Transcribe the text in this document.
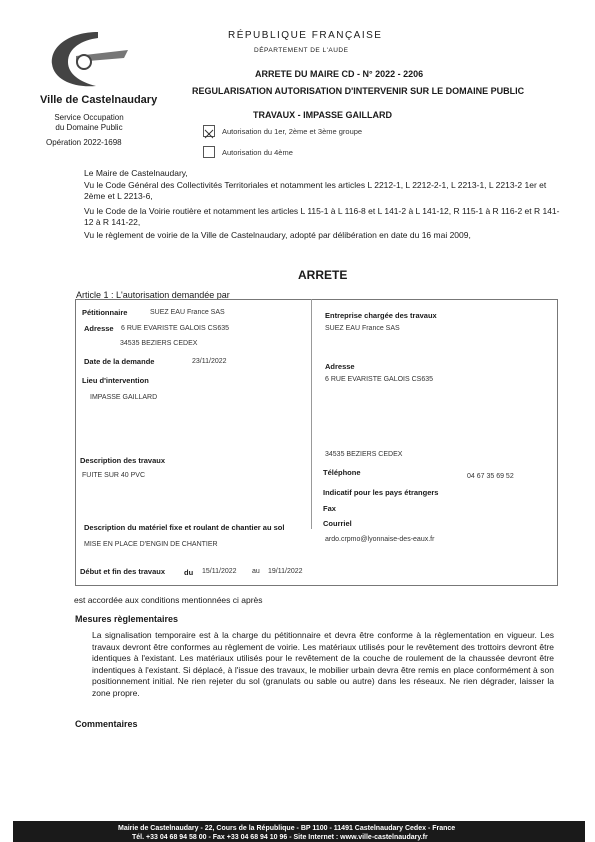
Ville de Castelnaudary
Service Occupation du Domaine Public
Opération 2022-1698
RÉPUBLIQUE FRANÇAISE
DÉPARTEMENT DE L'AUDE
ARRETE DU MAIRE CD - N° 2022 - 2206
REGULARISATION AUTORISATION D'INTERVENIR SUR LE DOMAINE PUBLIC
TRAVAUX - IMPASSE GAILLARD
Autorisation du 1er, 2ème et 3ème groupe
Autorisation du 4ème
Le Maire de Castelnaudary,
Vu le Code Général des Collectivités Territoriales et notamment les articles L 2212-1, L 2212-2-1, L 2213-1, L 2213-2 1er et 2ème et L 2213-6,
Vu le Code de la Voirie routière et notamment les articles L 115-1 à L 116-8 et L 141-2 à L 141-12, R 115-1 à R 116-2 et R 141-12 à R 141-22,
Vu le règlement de voirie de la Ville de Castelnaudary, adopté par délibération en date du 16 mai 2009,
ARRETE
Article 1 : L'autorisation demandée par
Pétitionnaire	SUEZ EAU France SAS
Adresse 6 RUE EVARISTE GALOIS CS635
34535 BEZIERS CEDEX
Date de la demande	23/11/2022
Lieu d'intervention
IMPASSE GAILLARD
Description des travaux
FUITE SUR 40 PVC
Description du matériel fixe et roulant de chantier au sol
MISE EN PLACE D'ENGIN DE CHANTIER
Début et fin des travaux	du 15/11/2022 au 19/11/2022
Entreprise chargée des travaux
SUEZ EAU France SAS
Adresse
6 RUE EVARISTE GALOIS CS635
34535 BEZIERS CEDEX
Téléphone	04 67 35 69 52
Indicatif pour les pays étrangers
Fax
Courriel
ardo.crpmo@lyonnaise-des-eaux.fr
est accordée aux conditions mentionnées ci après
Mesures règlementaires
La signalisation temporaire est à la charge du pétitionnaire et devra être conforme à la règlementation en vigueur. Les travaux devront être conformes au règlement de voirie. Les matériaux utilisés pour le revêtement des trottoirs devront être identiques à l'existant. Les matériaux utilisés pour le revêtement de la couche de roulement de la chaussée devront être indentiques à l'existant. Si déplacé, à l'issue des travaux, le mobilier urbain devra être remis en place conformément à son positionnement initial. Ne rien rejeter du sol (granulats ou sable ou autre) dans les réseaux. Ne rien dégrader, laisser la zone propre.
Commentaires
Mairie de Castelnaudary - 22, Cours de la République - BP 1100 - 11491 Castelnaudary Cedex - France
Tél. +33 04 68 94 58 00 - Fax +33 04 68 94 10 96 - Site Internet : www.ville-castelnaudary.fr
